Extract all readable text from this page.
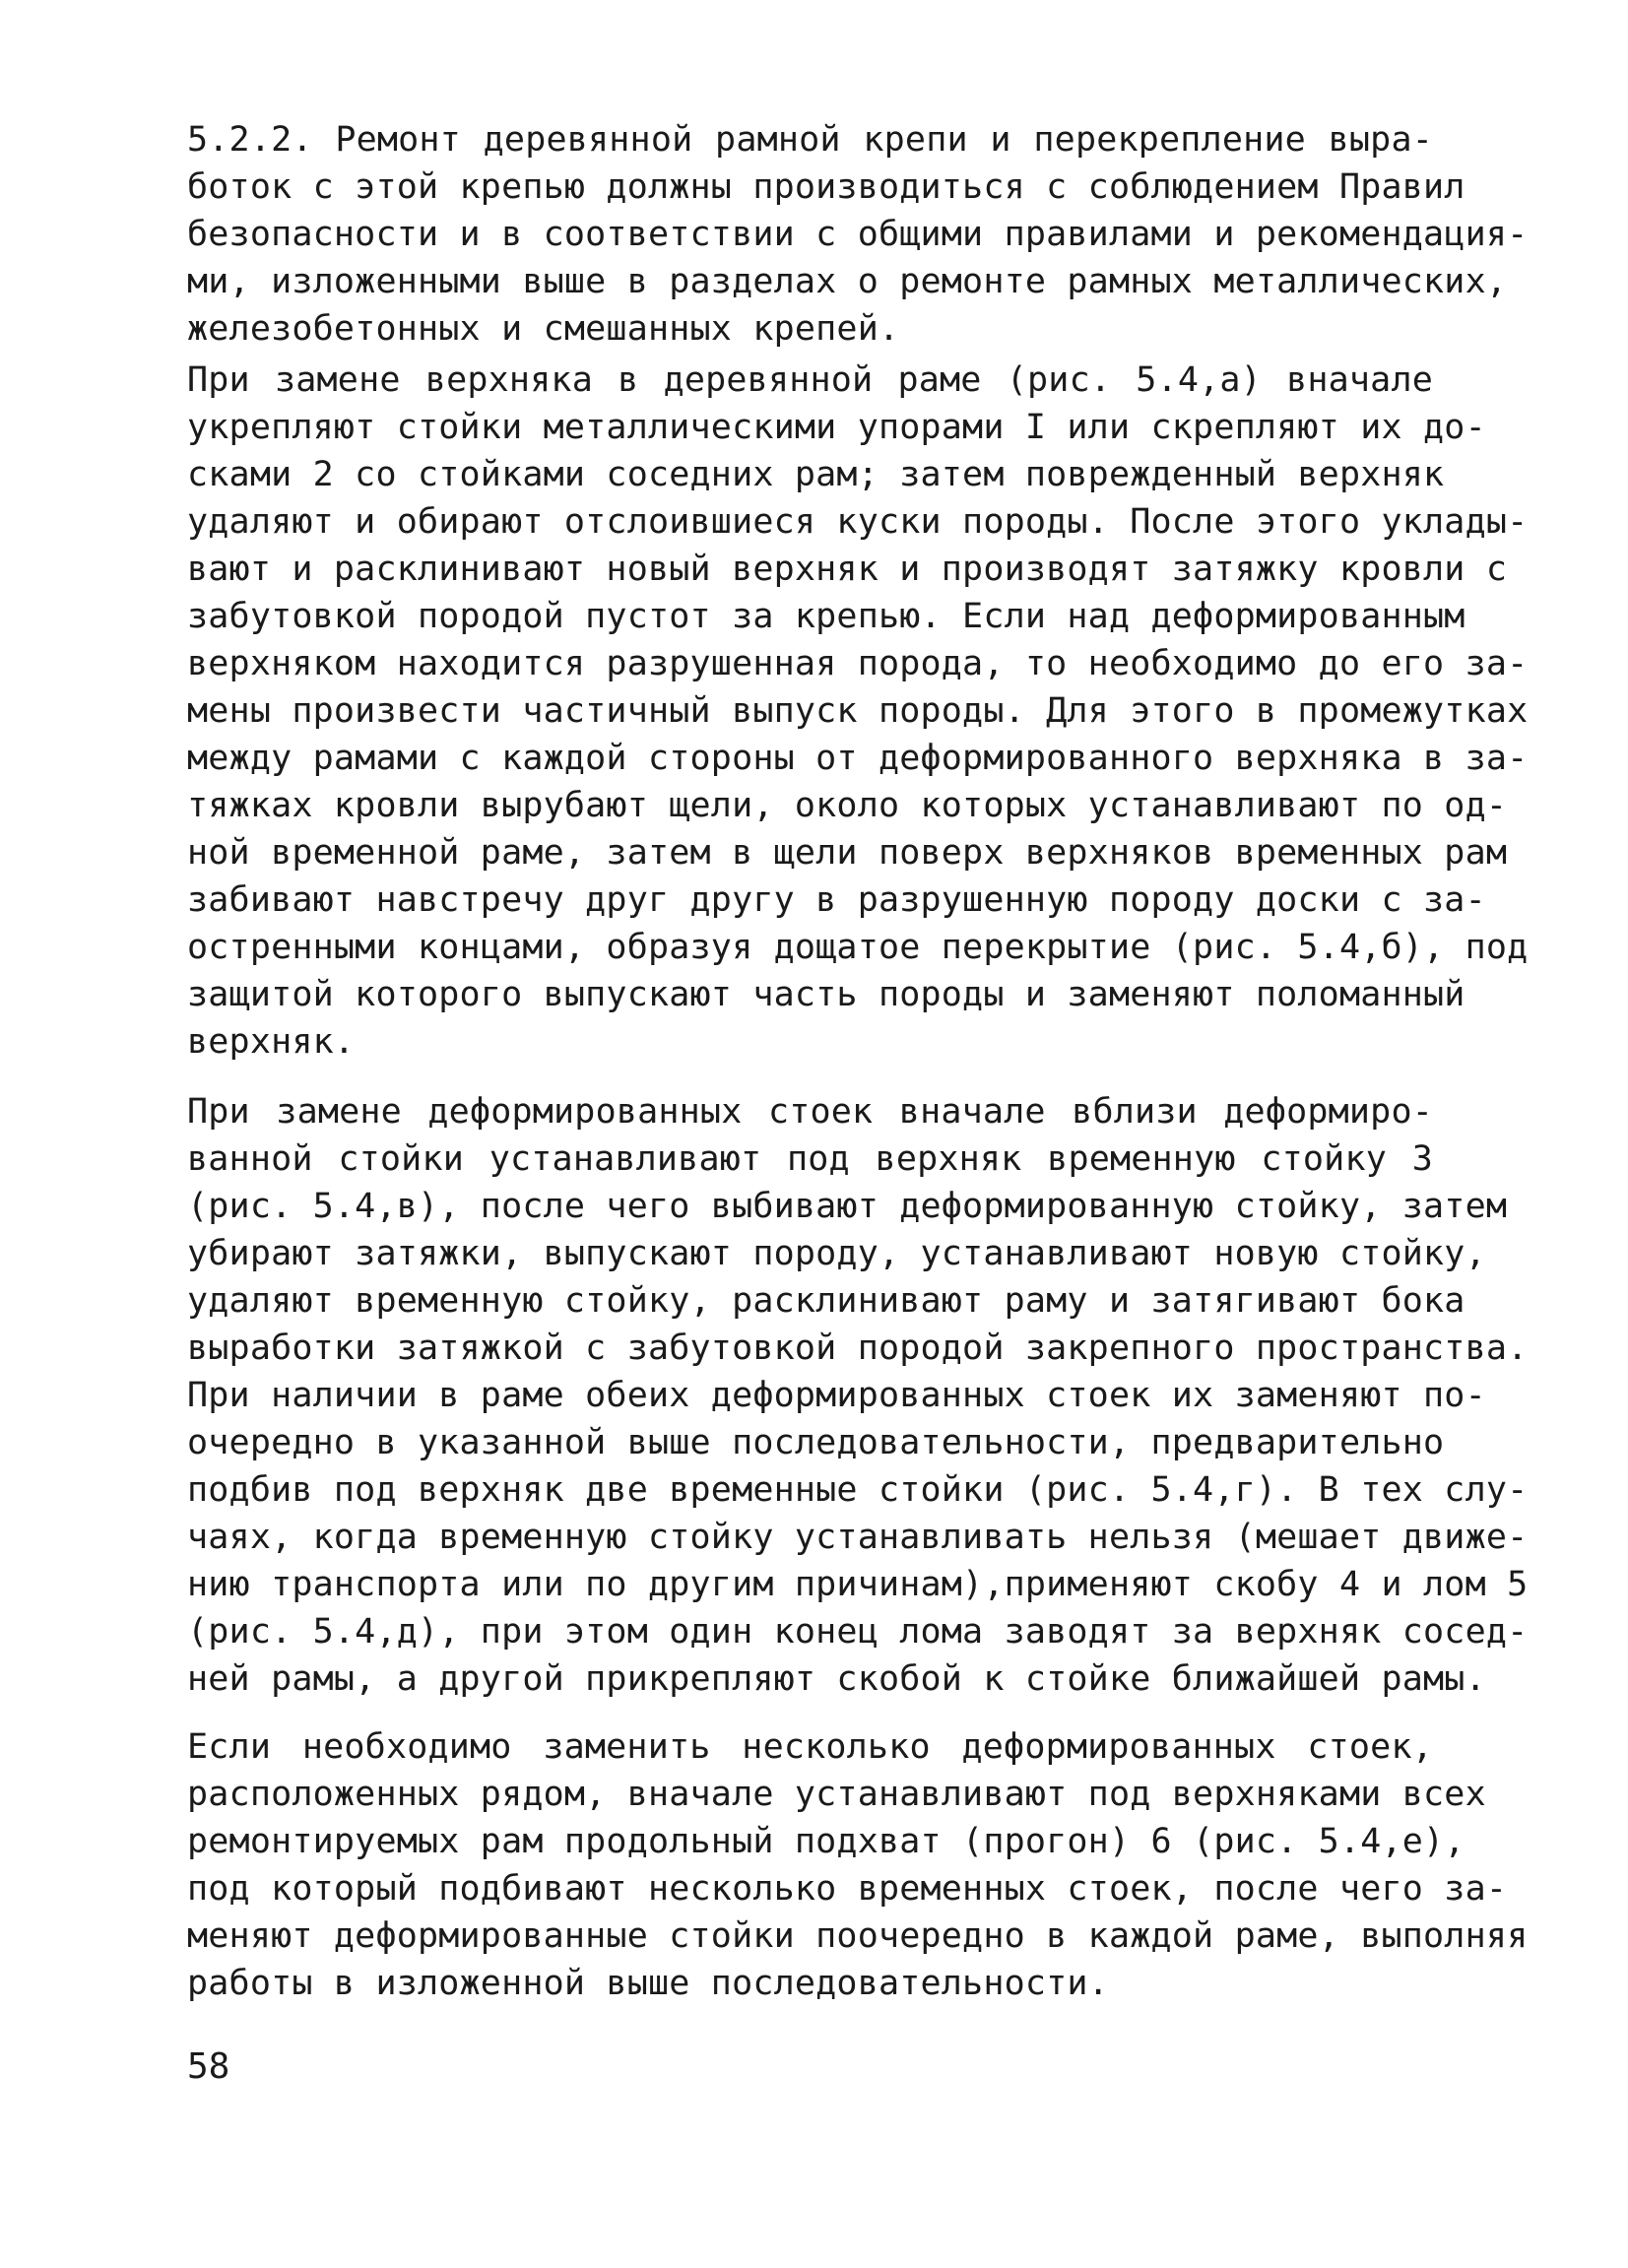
5.2.2. Ремонт деревянной рамной крепи и перекрепление выра-
боток с этой крепью должны производиться с соблюдением Правил
безопасности и в соответствии с общими правилами и рекомендация-
ми, изложенными выше в разделах о ремонте рамных металлических,
железобетонных и смешанных крепей.
При замене верхняка в деревянной раме (рис. 5.4,а) вначале
укрепляют стойки металлическими упорами I или скрепляют их до-
сками 2 со стойками соседних рам; затем поврежденный верхняк
удаляют и обирают отслоившиеся куски породы. После этого уклады-
вают и расклинивают новый верхняк и производят затяжку кровли с
забутовкой породой пустот за крепью. Если над деформированным
верхняком находится разрушенная порода, то необходимо до его за-
мены произвести частичный выпуск породы. Для этого в промежутках
между рамами с каждой стороны от деформированного верхняка в за-
тяжках кровли вырубают щели, около которых устанавливают по од-
ной временной раме, затем в щели поверх верхняков временных рам
забивают навстречу друг другу в разрушенную породу доски с за-
остренными концами, образуя дощатое перекрытие (рис. 5.4,б), под
защитой которого выпускают часть породы и заменяют поломанный
верхняк.
При замене деформированных стоек вначале вблизи деформиро-
ванной стойки устанавливают под верхняк временную стойку 3
(рис. 5.4,в), после чего выбивают деформированную стойку, затем
убирают затяжки, выпускают породу, устанавливают новую стойку,
удаляют временную стойку, расклинивают раму и затягивают бока
выработки затяжкой с забутовкой породой закрепного пространства.
При наличии в раме обеих деформированных стоек их заменяют по-
очередно в указанной выше последовательности, предварительно
подбив под верхняк две временные стойки (рис. 5.4,г). В тех слу-
чаях, когда временную стойку устанавливать нельзя (мешает движе-
нию транспорта или по другим причинам),применяют скобу 4 и лом 5
(рис. 5.4,д), при этом один конец лома заводят за верхняк сосед-
ней рамы, а другой прикрепляют скобой к стойке ближайшей рамы.
Если необходимо заменить несколько деформированных стоек,
расположенных рядом, вначале устанавливают под верхняками всех
ремонтируемых рам продольный подхват (прогон) 6 (рис. 5.4,е),
под который подбивают несколько временных стоек, после чего за-
меняют деформированные стойки поочередно в каждой раме, выполняя
работы в изложенной выше последовательности.
58
